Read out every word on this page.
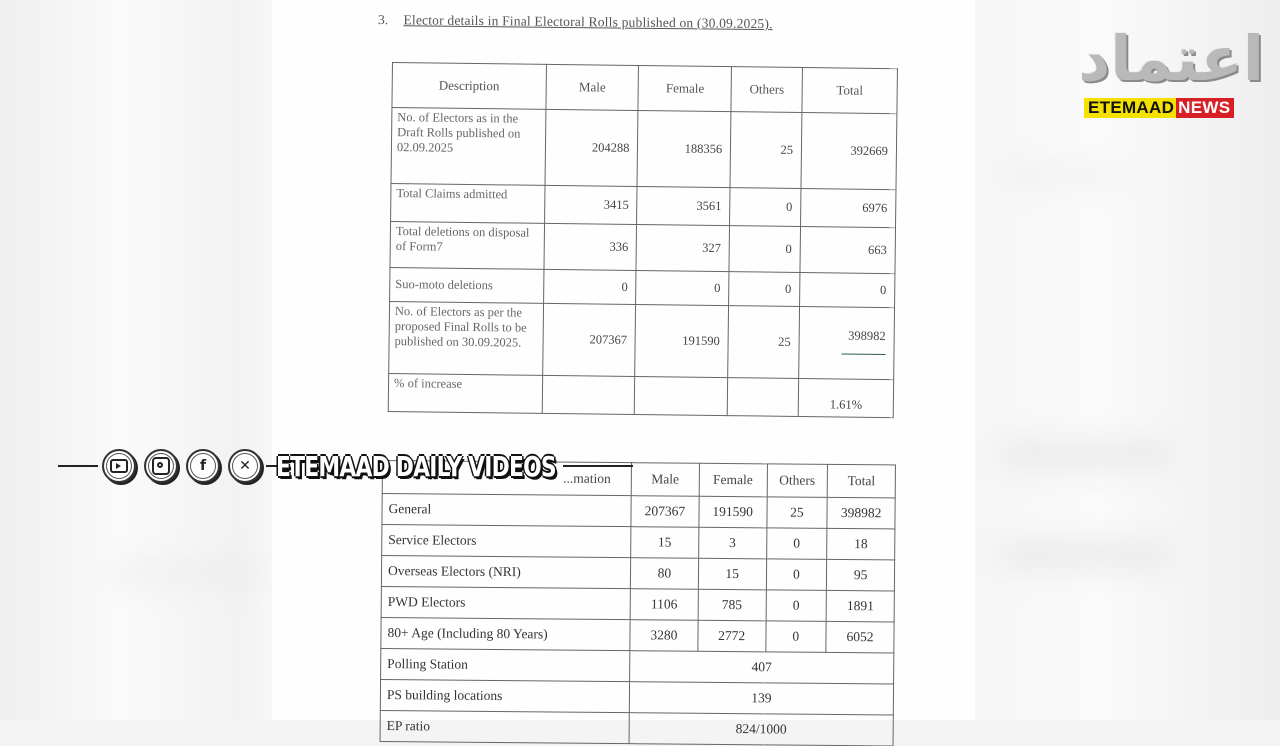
3. Elector details in Final Electoral Rolls published on (30.09.2025).
Description	Male	Female	Others	Total
No. of Electors as in the Draft Rolls published on 02.09.2025	204288	188356	25	392669
Total Claims admitted	3415	3561	0	6976
Total deletions on disposal of Form7	336	327	0	663
Suo-moto deletions	0	0	0	0
No. of Electors as per the proposed Final Rolls to be published on 30.09.2025.	207367	191590	25	398982

% of increase				1.61%
...mation	Male	Female	Others	Total
General	207367	191590	25	398982
Service Electors	15	3	0	18
Overseas Electors (NRI)	80	15	0	95
PWD Electors	1106	785	0	1891
80+ Age (Including 80 Years)	3280	2772	0	6052
Polling Station	407			
PS building locations	139			
EP ratio	824/1000			
f	✕ ETEMAAD DAILY VIDEOS
اعتماد
ETEMAAD NEWS
